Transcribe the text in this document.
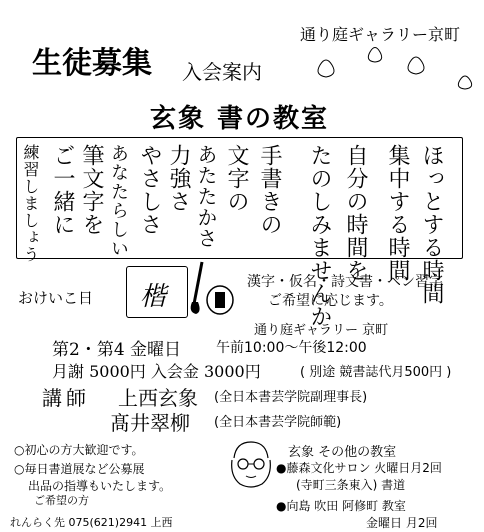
生徒募集 入会案内
通り庭ギャラリー京町
玄象 書の教室
ほっとする時間
集中する時間
自分の時間を
たのしみませんか
手書きの
文字の
あたたかさ
力強さ
やさしさ
あなたらしい
筆文字を
ご一緒に
練習しましょう
おけいこ日 楷	漢字・仮名・詩文書・ペン習字
ご希望に応じます。
通り庭ギャラリー 京町
第2・第4 金曜日 午前10:00〜午後12:00
月謝 5000円 入会金 3000円	( 別途 競書誌代月500円 )
講師 上西玄象 (全日本書芸学院副理事長)
髙井翠柳 (全日本書芸学院師範)
○初心の方大歓迎です。
○毎日書道展など公募展
出品の指導もいたします。
ご希望の方
れんらく先 075(621)2941 上西
玄象 その他の教室
●藤森文化サロン 火曜日月2回
(寺町三条東入) 書道
●向島 吹田 阿修町 教室
金曜日 月2回
